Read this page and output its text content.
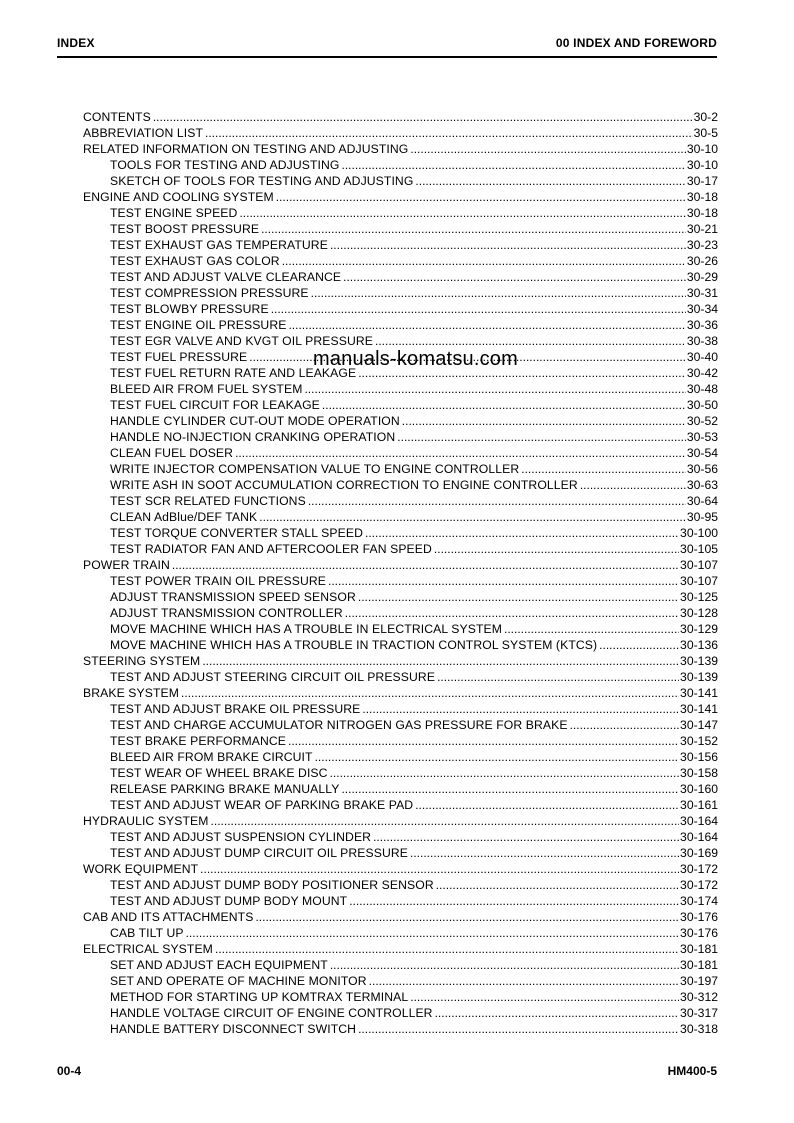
INDEX	00 INDEX AND FOREWORD
CONTENTS .....	30-2
ABBREVIATION LIST .....	30-5
RELATED INFORMATION ON TESTING AND ADJUSTING .....	30-10
TOOLS FOR TESTING AND ADJUSTING .....	30-10
SKETCH OF TOOLS FOR TESTING AND ADJUSTING .....	30-17
ENGINE AND COOLING SYSTEM .....	30-18
TEST ENGINE SPEED .....	30-18
TEST BOOST PRESSURE .....	30-21
TEST EXHAUST GAS TEMPERATURE .....	30-23
TEST EXHAUST GAS COLOR .....	30-26
TEST AND ADJUST VALVE CLEARANCE .....	30-29
TEST COMPRESSION PRESSURE .....	30-31
TEST BLOWBY PRESSURE .....	30-34
TEST ENGINE OIL PRESSURE .....	30-36
TEST EGR VALVE AND KVGT OIL PRESSURE .....	30-38
TEST FUEL PRESSURE .....	30-40
TEST FUEL RETURN RATE AND LEAKAGE .....	30-42
BLEED AIR FROM FUEL SYSTEM .....	30-48
TEST FUEL CIRCUIT FOR LEAKAGE .....	30-50
HANDLE CYLINDER CUT-OUT MODE OPERATION .....	30-52
HANDLE NO-INJECTION CRANKING OPERATION .....	30-53
CLEAN FUEL DOSER .....	30-54
WRITE INJECTOR COMPENSATION VALUE TO ENGINE CONTROLLER .....	30-56
WRITE ASH IN SOOT ACCUMULATION CORRECTION TO ENGINE CONTROLLER .....	30-63
TEST SCR RELATED FUNCTIONS .....	30-64
CLEAN AdBlue/DEF TANK .....	30-95
TEST TORQUE CONVERTER STALL SPEED .....	30-100
TEST RADIATOR FAN AND AFTERCOOLER FAN SPEED .....	30-105
POWER TRAIN .....	30-107
TEST POWER TRAIN OIL PRESSURE .....	30-107
ADJUST TRANSMISSION SPEED SENSOR .....	30-125
ADJUST TRANSMISSION CONTROLLER .....	30-128
MOVE MACHINE WHICH HAS A TROUBLE IN ELECTRICAL SYSTEM .....	30-129
MOVE MACHINE WHICH HAS A TROUBLE IN TRACTION CONTROL SYSTEM (KTCS) .....	30-136
STEERING SYSTEM .....	30-139
TEST AND ADJUST STEERING CIRCUIT OIL PRESSURE .....	30-139
BRAKE SYSTEM .....	30-141
TEST AND ADJUST BRAKE OIL PRESSURE .....	30-141
TEST AND CHARGE ACCUMULATOR NITROGEN GAS PRESSURE FOR BRAKE .....	30-147
TEST BRAKE PERFORMANCE .....	30-152
BLEED AIR FROM BRAKE CIRCUIT .....	30-156
TEST WEAR OF WHEEL BRAKE DISC .....	30-158
RELEASE PARKING BRAKE MANUALLY .....	30-160
TEST AND ADJUST WEAR OF PARKING BRAKE PAD .....	30-161
HYDRAULIC SYSTEM .....	30-164
TEST AND ADJUST SUSPENSION CYLINDER .....	30-164
TEST AND ADJUST DUMP CIRCUIT OIL PRESSURE .....	30-169
WORK EQUIPMENT .....	30-172
TEST AND ADJUST DUMP BODY POSITIONER SENSOR .....	30-172
TEST AND ADJUST DUMP BODY MOUNT .....	30-174
CAB AND ITS ATTACHMENTS .....	30-176
CAB TILT UP .....	30-176
ELECTRICAL SYSTEM .....	30-181
SET AND ADJUST EACH EQUIPMENT .....	30-181
SET AND OPERATE OF MACHINE MONITOR .....	30-197
METHOD FOR STARTING UP KOMTRAX TERMINAL .....	30-312
HANDLE VOLTAGE CIRCUIT OF ENGINE CONTROLLER .....	30-317
HANDLE BATTERY DISCONNECT SWITCH .....	30-318
manuals-komatsu.com
00-4	HM400-5
